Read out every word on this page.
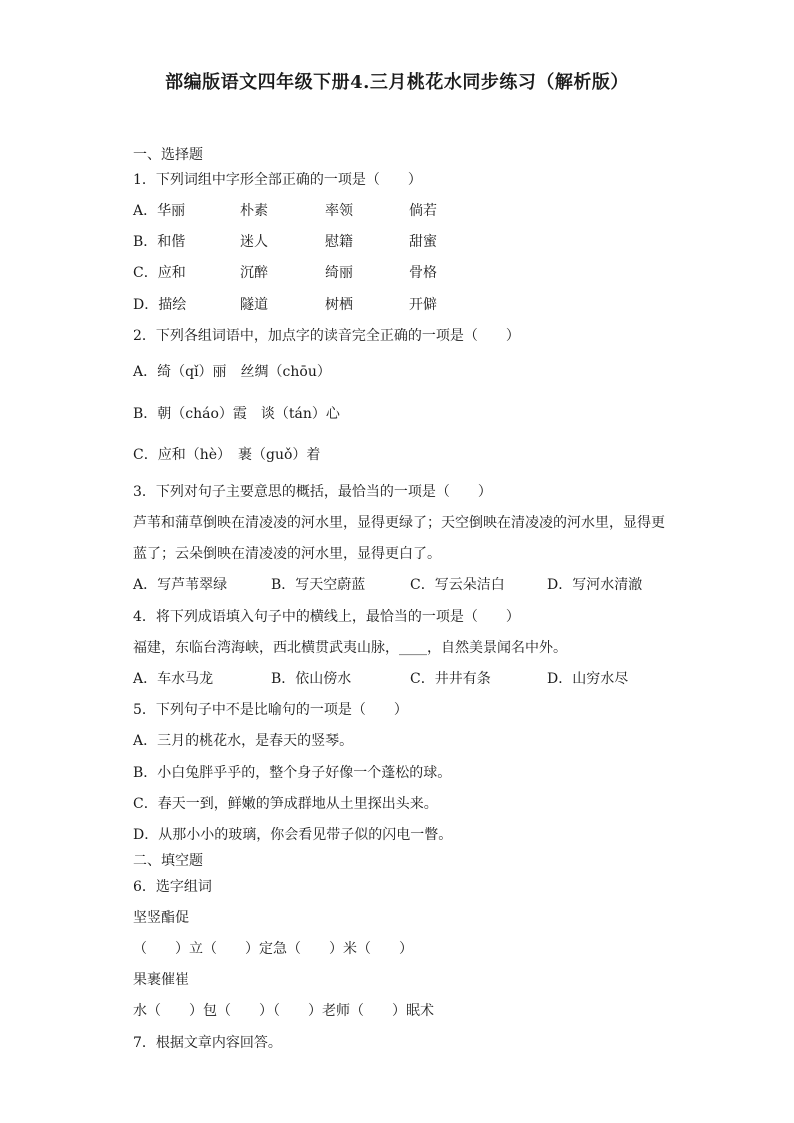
部编版语文四年级下册4.三月桃花水同步练习（解析版）
一、选择题
1．下列词组中字形全部正确的一项是（　　）
A．华丽	朴素	率领	倘若
B．和偕	迷人	慰籍	甜蜜
C．应和	沉醉	绮丽	骨格
D．描绘	隧道	树栖	开僻
2．下列各组词语中，加点字的读音完全正确的一项是（　　）
A．绮（qǐ）丽　丝绸（chōu）
B．朝（cháo）霞　谈（tán）心
C．应和（hè）　裹（guǒ）着
3．下列对句子主要意思的概括，最恰当的一项是（　　）
芦苇和蒲草倒映在清凌凌的河水里，显得更绿了；天空倒映在清凌凌的河水里，显得更
蓝了；云朵倒映在清凌凌的河水里，显得更白了。
A．写芦苇翠绿	B．写天空蔚蓝	C．写云朵洁白	D．写河水清澈
4．将下列成语填入句子中的横线上，最恰当的一项是（　　）
福建，东临台湾海峡，西北横贯武夷山脉，____，自然美景闻名中外。
A．车水马龙	B．依山傍水	C．井井有条	D．山穷水尽
5．下列句子中不是比喻句的一项是（　　）
A．三月的桃花水，是春天的竖琴。
B．小白兔胖乎乎的，整个身子好像一个蓬松的球。
C．春天一到，鲜嫩的笋成群地从土里探出头来。
D．从那小小的玻璃，你会看见带子似的闪电一瞥。
二、填空题
6．选字组词
坚竖酯促
（　　）立（　　）定急（　　）米（　　）
果裹催崔
水（　　）包（　　）（　　）老师（　　）眠术
7．根据文章内容回答。
